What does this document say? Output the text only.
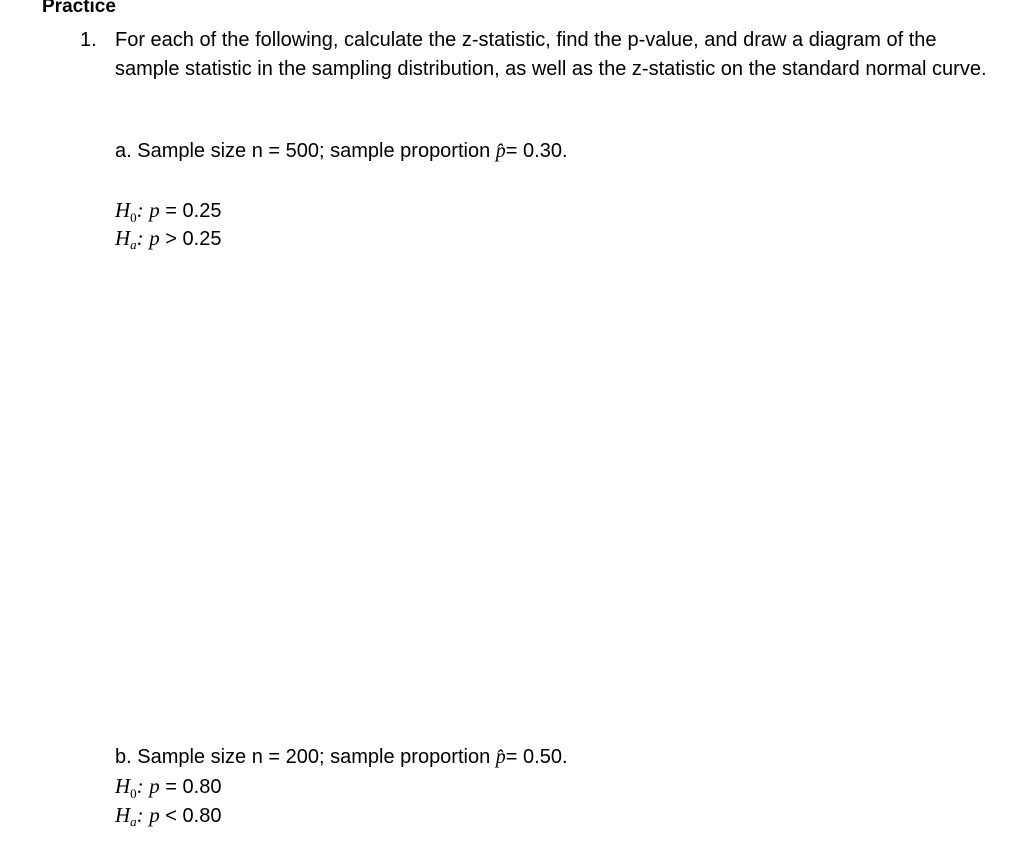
Practice
1. For each of the following, calculate the z-statistic, find the p-value, and draw a diagram of the sample statistic in the sampling distribution, as well as the z-statistic on the standard normal curve.
a. Sample size n = 500; sample proportion p̂= 0.30.
$H_0$: p = 0.25
$H_a$: p > 0.25
b. Sample size n = 200; sample proportion p̂= 0.50.
$H_0$: p = 0.80
$H_a$: p < 0.80
